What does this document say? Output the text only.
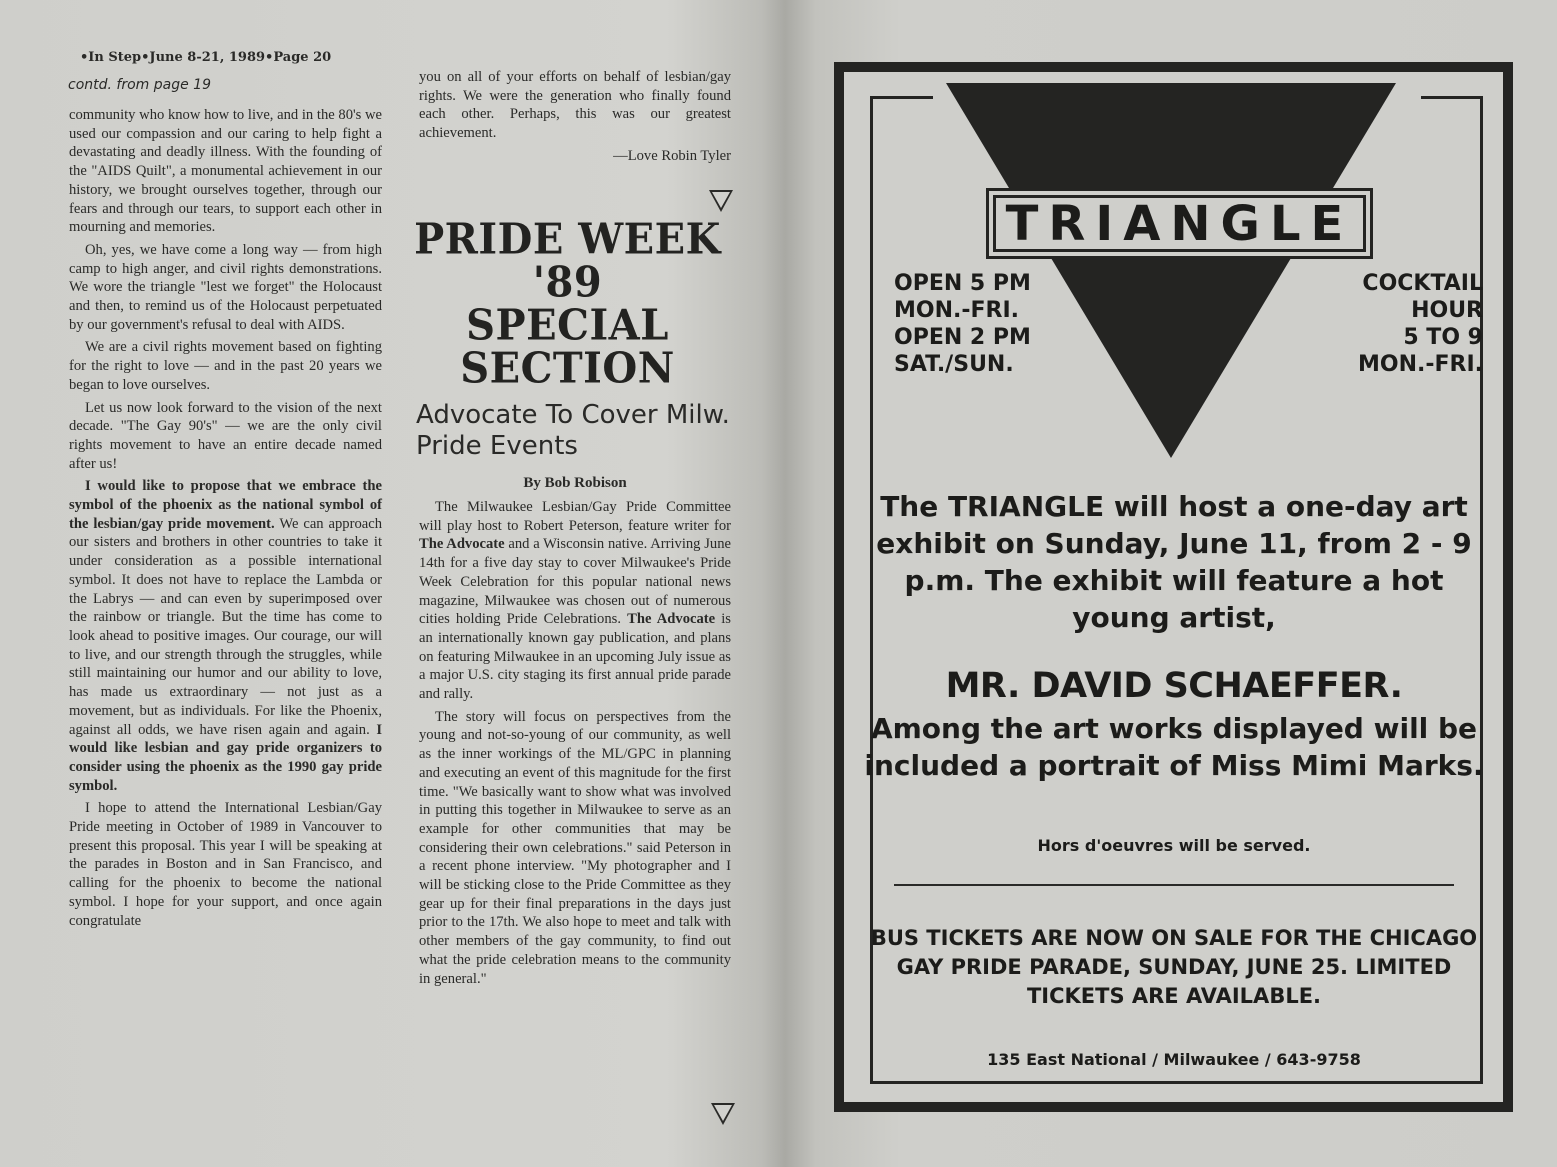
•In Step•June 8-21, 1989•Page 20
contd. from page 19

community who know how to live, and in the 80's we used our compassion and our caring to help fight a devastating and deadly illness. With the founding of the "AIDS Quilt", a monumental achievement in our history, we brought ourselves together, through our fears and through our tears, to support each other in mourning and memories.

Oh, yes, we have come a long way — from high camp to high anger, and civil rights demonstrations. We wore the triangle "lest we forget" the Holocaust and then, to remind us of the Holocaust perpetuated by our government's refusal to deal with AIDS.

We are a civil rights movement based on fighting for the right to love — and in the past 20 years we began to love ourselves.

Let us now look forward to the vision of the next decade. "The Gay 90's" — we are the only civil rights movement to have an entire decade named after us!

I would like to propose that we embrace the symbol of the phoenix as the national symbol of the lesbian/gay pride movement. We can approach our sisters and brothers in other countries to take it under consideration as a possible international symbol. It does not have to replace the Lambda or the Labrys — and can even by superimposed over the rainbow or triangle. But the time has come to look ahead to positive images. Our courage, our will to live, and our strength through the struggles, while still maintaining our humor and our ability to love, has made us extraordinary — not just as a movement, but as individuals. For like the Phoenix, against all odds, we have risen again and again. I would like lesbian and gay pride organizers to consider using the phoenix as the 1990 gay pride symbol.

I hope to attend the International Lesbian/Gay Pride meeting in October of 1989 in Vancouver to present this proposal. This year I will be speaking at the parades in Boston and in San Francisco, and calling for the phoenix to become the national symbol. I hope for your support, and once again congratulate

you on all of your efforts on behalf of lesbian/gay rights. We were the generation who finally found each other. Perhaps, this was our greatest achievement.

—Love Robin Tyler

PRIDE WEEK
'89
SPECIAL
SECTION
Advocate To Cover Milw. Pride Events
By Bob Robison

The Milwaukee Lesbian/Gay Pride Committee will play host to Robert Peterson, feature writer for The Advocate and a Wisconsin native. Arriving June 14th for a five day stay to cover Milwaukee's Pride Week Celebration for this popular national news magazine, Milwaukee was chosen out of numerous cities holding Pride Celebrations. The Advocate is an internationally known gay publication, and plans on featuring Milwaukee in an upcoming July issue as a major U.S. city staging its first annual pride parade and rally.

The story will focus on perspectives from the young and not-so-young of our community, as well as the inner workings of the ML/GPC in planning and executing an event of this magnitude for the first time. "We basically want to show what was involved in putting this together in Milwaukee to serve as an example for other communities that may be considering their own celebrations." said Peterson in a recent phone interview. "My photographer and I will be sticking close to the Pride Committee as they gear up for their final preparations in the days just prior to the 17th. We also hope to meet and talk with other members of the gay community, to find out what the pride celebration means to the community in general."

TRIANGLE
OPEN 5 PM
MON.-FRI.
OPEN 2 PM
SAT./SUN.
COCKTAIL
HOUR
5 TO 9
MON.-FRI.
The TRIANGLE will host a one-day art exhibit on Sunday, June 11, from 2 - 9 p.m. The exhibit will feature a hot young artist,
MR. DAVID SCHAEFFER.
Among the art works displayed will be included a portrait of Miss Mimi Marks.
Hors d'oeuvres will be served.
BUS TICKETS ARE NOW ON SALE FOR THE CHICAGO GAY PRIDE PARADE, SUNDAY, JUNE 25. LIMITED TICKETS ARE AVAILABLE.
135 East National / Milwaukee / 643-9758
